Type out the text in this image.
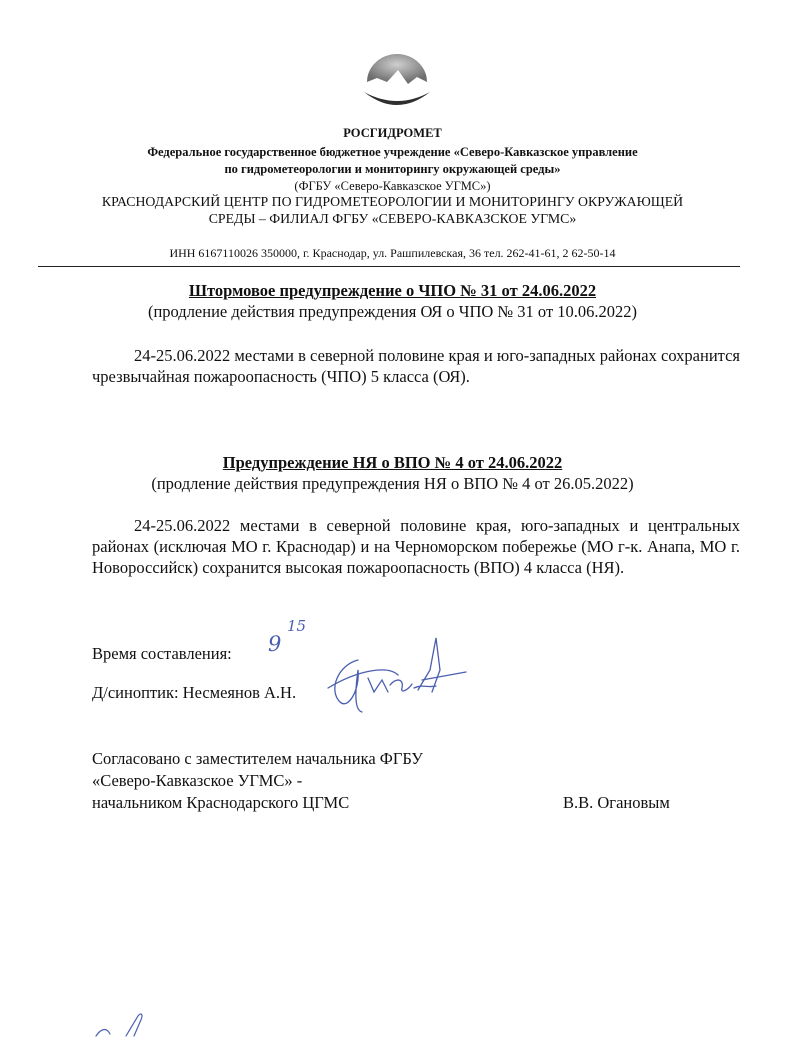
РОСГИДРОМЕТ
Федеральное государственное бюджетное учреждение «Северо-Кавказское управление
по гидрометеорологии и мониторингу окружающей среды»
(ФГБУ «Северо-Кавказское УГМС»)
КРАСНОДАРСКИЙ ЦЕНТР ПО ГИДРОМЕТЕОРОЛОГИИ И МОНИТОРИНГУ ОКРУЖАЮЩЕЙ
СРЕДЫ – ФИЛИАЛ ФГБУ «СЕВЕРО-КАВКАЗСКОЕ УГМС»
ИНН 6167110026 350000, г. Краснодар, ул. Рашпилевская, 36 тел. 262-41-61, 2 62-50-14
Штормовое предупреждение о ЧПО № 31 от 24.06.2022
(продление действия предупреждения ОЯ о ЧПО № 31 от 10.06.2022)
24-25.06.2022 местами в северной половине края и юго-западных районах сохранится чрезвычайная пожароопасность (ЧПО) 5 класса (ОЯ).
Предупреждение НЯ о ВПО № 4 от 24.06.2022
(продление действия предупреждения НЯ о ВПО № 4 от 26.05.2022)
24-25.06.2022 местами в северной половине края, юго-западных и центральных районах (исключая МО г. Краснодар) и на Черноморском побережье (МО г-к. Анапа, МО г. Новороссийск) сохранится высокая пожароопасность (ВПО) 4 класса (НЯ).
Время составления: 9
15
Д/синоптик: Несмеянов А.Н.
Согласовано с заместителем начальника ФГБУ
«Северо-Кавказское УГМС» -
начальником Краснодарского ЦГМС	В.В. Огановым
